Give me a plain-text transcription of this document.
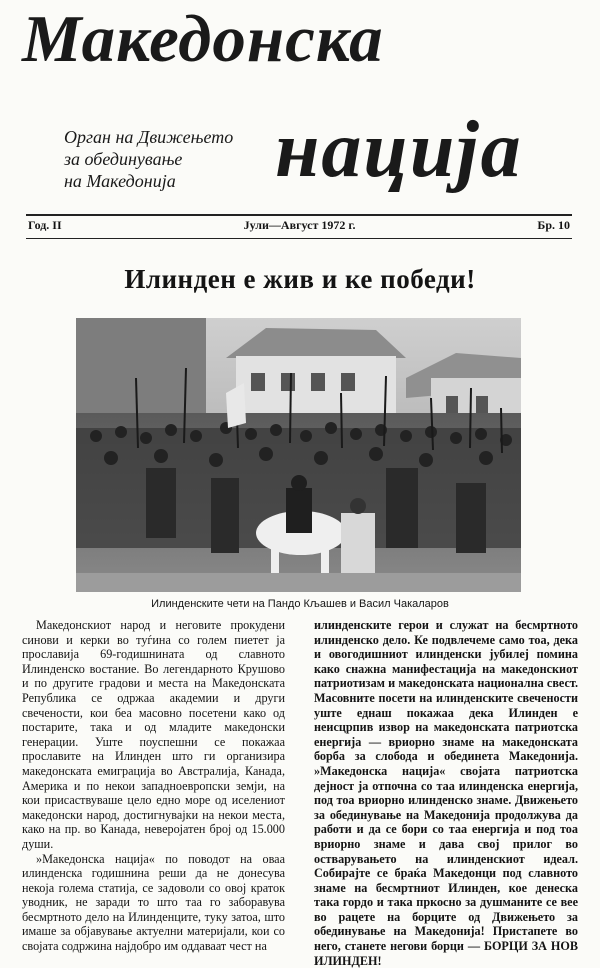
Македонска
нација
Орган на Движењето
за обединување
на Македонија
Год. II	Јули—Август 1972 г.	Бр. 10
Илинден е жив и ке победи!
Илинденските чети на Пандо Кљашев и Васил Чакаларов

Македонскиот народ и неговите прокудени синови и керки во туѓина со голем пиетет ја прославија 69-годишнината од славното Илинденско востание. Во легендарното Крушово и по другите градови и места на Македонската Република се одржаа академии и други свечености, кои беа масовно посетени како од постарите, така и од младите македонски генерации. Уште поуспешни се покажаа прославите на Илинден што ги организира македонската емиграција во Австралија, Канада, Америка и по некои западноевропски земји, на кои присаствуваше цело едно море од иселениот македонски народ, достигнувајки на некои места, како на пр. во Канада, невероjатен број од 15.000 души.

»Македонска нација« по поводот на оваа илинденска годишнина реши да не донесува некоја голема статија, се задоволи со овој краток уводник, не заради то што таа го заборавува бесмртното дело на Илинденците, туку затоа, што имаше за објавување актуелни материјали, кои со својата содржина најдобро им оддаваат чест на

илинденските герои и служат на бесмртното илинденско дело. Ке подвлечеме само тоа, дека и овогодишниот илинденски јубилеј помина како снажна манифестација на македонскиот патриотизам и македонската национална свест. Масовните посети на илинденските свечености уште еднаш покажаа дека Илинден е неисцрпив извор на македонската патриотска енергија — вриорно знаме на македонската борба за слобода и обединета Македонија. »Македонска нација« својата патриотска дејност ја отпочна со таа илинденска енергија, под тоа вриорно илинденско знаме. Движењето за обединување на Македонија продолжува да работи и да се бори со таа енергија и под тоа вриорно знаме и дава свој прилог во остварувањето на илинденскиот идеал. Собирајте се браќа Македонци под славното знаме на бесмртниот Илинден, кое денеска така гордо и така пркосно за душманите се вее во рацете на борците од Движењето за обединување на Македонија! Пристапете во него, станете негови борци — БОРЦИ ЗА НОВ ИЛИНДЕН!
